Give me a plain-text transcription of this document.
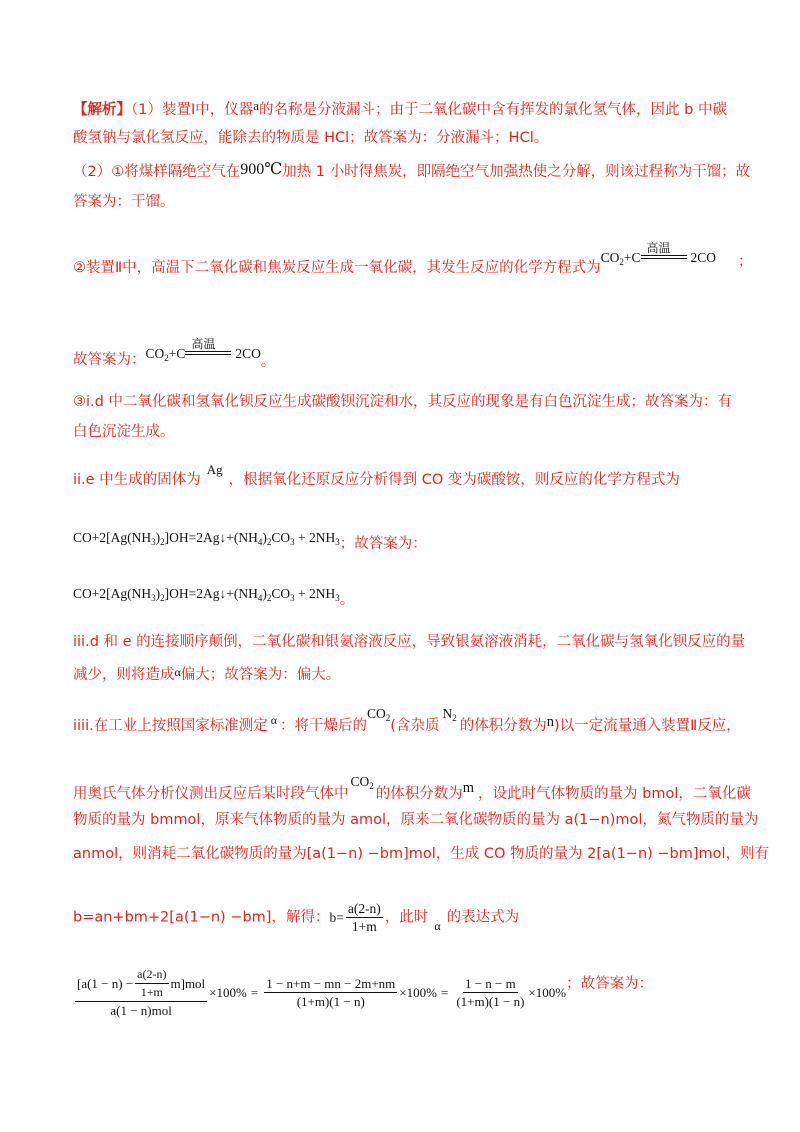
【解析】（1）装置Ⅰ中，仪器a的名称是分液漏斗；由于二氧化碳中含有挥发的氯化氢气体，因此 b 中碳
酸氢钠与氯化氢反应，能除去的物质是 HCl；故答案为：分液漏斗；HCl。
（2）①将煤样隔绝空气在900℃加热 1 小时得焦炭，即隔绝空气加强热使之分解，则该过程称为干馏；故
答案为：干馏。
②装置Ⅱ中，高温下二氧化碳和焦炭反应生成一氧化碳，其发生反应的化学方程式为$CO_2+C$
高温
2CO ；
故答案为：$CO_2+C$
高温
2CO。
③i.d 中二氧化碳和氢氧化钡反应生成碳酸钡沉淀和水，其反应的现象是有白色沉淀生成；故答案为：有
白色沉淀生成。
ii.e 中生成的固体为Ag，根据氧化还原反应分析得到 CO 变为碳酸铵，则反应的化学方程式为
$CO+2[Ag(NH_3)_2]OH=2Ag↓+(NH_4)_2CO_3 + 2NH_3$；故答案为：
$CO+2[Ag(NH_3)_2]OH=2Ag↓+(NH_4)_2CO_3 + 2NH_3$。
iii.d 和 e 的连接顺序颠倒，二氧化碳和银氨溶液反应，导致银氨溶液消耗，二氧化碳与氢氧化钡反应的量
减少，则将造成$^\alpha$偏大；故答案为：偏大。
iiii.在工业上按照国家标准测定 $^\alpha$ ：将干燥后的$CO_2$(含杂质$N_2$ 的体积分数为n)以一定流量通入装置Ⅱ反应，
用奥氏气体分析仪测出反应后某时段气体中$CO_2$ 的体积分数为m ，设此时气体物质的量为 bmol，二氧化碳
物质的量为 bmmol，原来气体物质的量为 amol，原来二氧化碳物质的量为 a(1−n)mol，氮气物质的量为
anmol，则消耗二氧化碳物质的量为[a(1−n) −bm]mol，生成 CO 物质的量为 2[a(1−n) −bm]mol，则有
b=an+bm+2[a(1−n) −bm]，解得： $b= \frac{a(2-n)}{1+m}$ ，此时 $_\alpha$ 的表达式为
$\frac{[a(1 - n) - \frac{a(2-n)}{1+m} m]mol}{\text{a(1 − n)mol}} \times 100\% = \frac{1 - n+m - mn - 2m+nm}{(1+m)(1 - n)} \times 100\% = \frac{1 - n - m}{(1+m)(1 - n)} \times 100\%$ ；故答案为：
